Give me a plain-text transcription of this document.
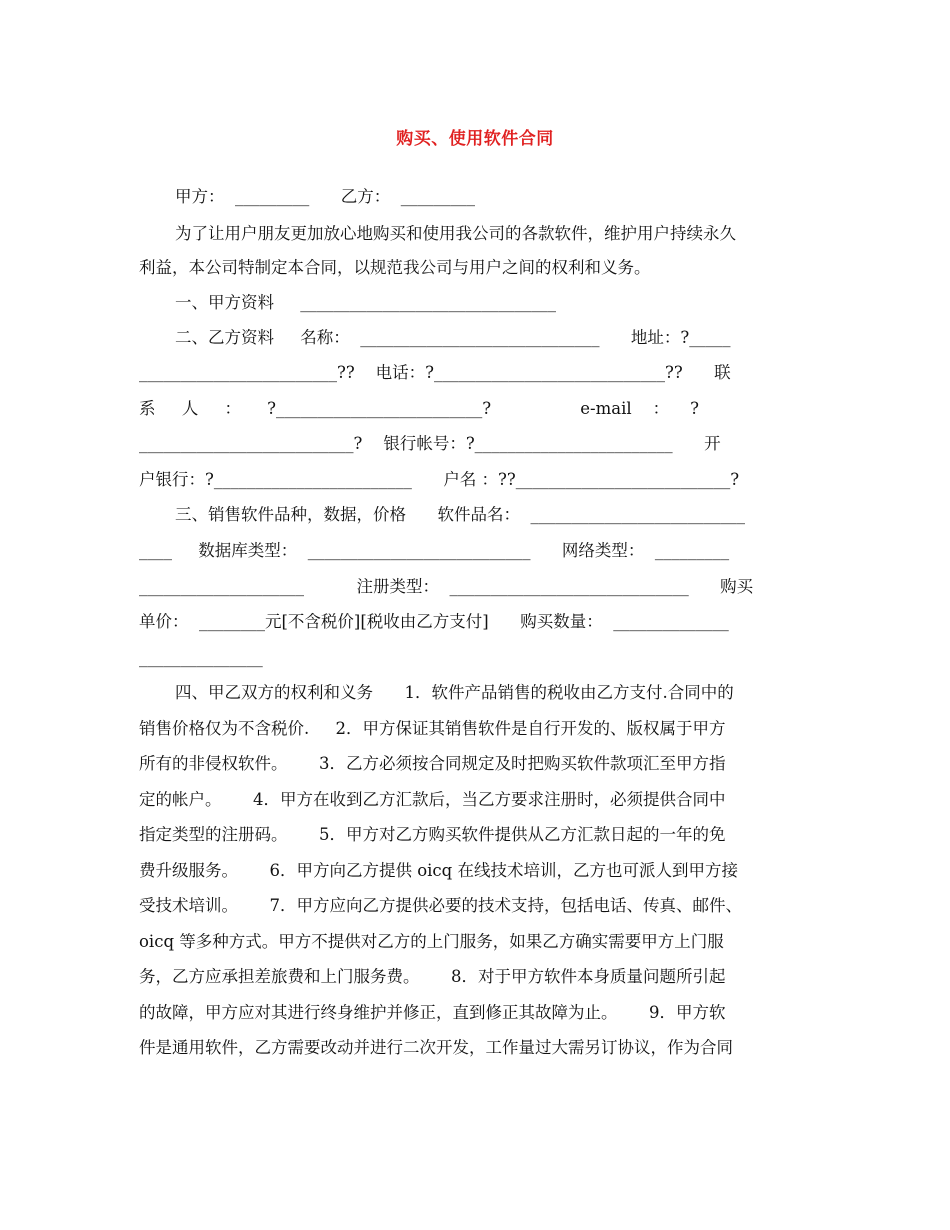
购买、使用软件合同
甲方：  _________      乙方：  _________
为了让用户朋友更加放心地购买和使用我公司的各款软件，维护用户持续永久
利益，本公司特制定本合同，以规范我公司与用户之间的权利和义务。
一、甲方资料     _______________________________
二、乙方资料     名称：  _____________________________      地址：?_____
________________________??    电话：?____________________________??      联
系     人     ：     ?_________________________?                 e-mail    ：    ?
__________________________?    银行帐号：?________________________      开
户银行：?________________________      户名 ：??__________________________?
三、销售软件品种，数据，价格      软件品名：  __________________________
____     数据库类型：  ___________________________      网络类型：  _________
____________________          注册类型：  _____________________________      购买
单价：  ________元[不含税价][税收由乙方支付]      购买数量：  ______________
_______________
四、甲乙双方的权利和义务      1．软件产品销售的税收由乙方支付.合同中的
销售价格仅为不含税价.     2．甲方保证其销售软件是自行开发的、版权属于甲方
所有的非侵权软件。      3．乙方必须按合同规定及时把购买软件款项汇至甲方指
定的帐户。      4．甲方在收到乙方汇款后，当乙方要求注册时，必须提供合同中
指定类型的注册码。      5．甲方对乙方购买软件提供从乙方汇款日起的一年的免
费升级服务。      6．甲方向乙方提供 oicq 在线技术培训，乙方也可派人到甲方接
受技术培训。      7．甲方应向乙方提供必要的技术支持，包括电话、传真、邮件、
oicq 等多种方式。甲方不提供对乙方的上门服务，如果乙方确实需要甲方上门服
务，乙方应承担差旅费和上门服务费。      8．对于甲方软件本身质量问题所引起
的故障，甲方应对其进行终身维护并修正，直到修正其故障为止。      9．甲方软
件是通用软件，乙方需要改动并进行二次开发，工作量过大需另订协议，作为合同
